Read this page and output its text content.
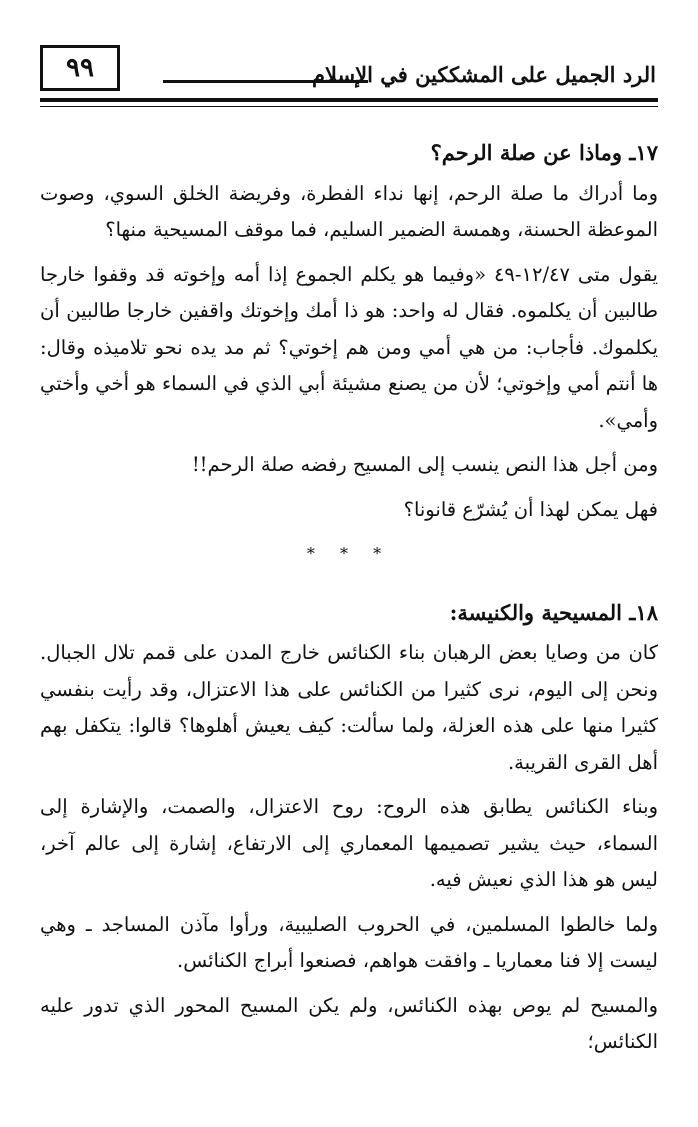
٩٩	الرد الجميل على المشككين في الإسلام
١٧ـ وماذا عن صلة الرحم؟

وما أدراك ما صلة الرحم، إنها نداء الفطرة، وفريضة الخلق السوي، وصوت الموعظة الحسنة، وهمسة الضمير السليم، فما موقف المسيحية منها؟

يقول متى ١٢/٤٧-٤٩ «وفيما هو يكلم الجموع إذا أمه وإخوته قد وقفوا خارجا طالبين أن يكلموه. فقال له واحد: هو ذا أمك وإخوتك واقفين خارجا طالبين أن يكلموك. فأجاب: من هي أمي ومن هم إخوتي؟ ثم مد يده نحو تلاميذه وقال: ها أنتم أمي وإخوتي؛ لأن من يصنع مشيئة أبي الذي في السماء هو أخي وأختي وأمي».

ومن أجل هذا النص ينسب إلى المسيح رفضه صلة الرحم!!

فهل يمكن لهذا أن يُشرّع قانونا؟

* * *
١٨ـ المسيحية والكنيسة:

كان من وصايا بعض الرهبان بناء الكنائس خارج المدن على قمم تلال الجبال. ونحن إلى اليوم، نرى كثيرا من الكنائس على هذا الاعتزال، وقد رأيت بنفسي كثيرا منها على هذه العزلة، ولما سألت: كيف يعيش أهلوها؟ قالوا: يتكفل بهم أهل القرى القريبة.

وبناء الكنائس يطابق هذه الروح: روح الاعتزال، والصمت، والإشارة إلى السماء، حيث يشير تصميمها المعماري إلى الارتفاع، إشارة إلى عالم آخر، ليس هو هذا الذي نعيش فيه.

ولما خالطوا المسلمين، في الحروب الصليبية، ورأوا مآذن المساجد ـ وهي ليست إلا فنا معماريا ـ وافقت هواهم، فصنعوا أبراج الكنائس.

والمسيح لم يوص بهذه الكنائس، ولم يكن المسيح المحور الذي تدور عليه الكنائس؛
